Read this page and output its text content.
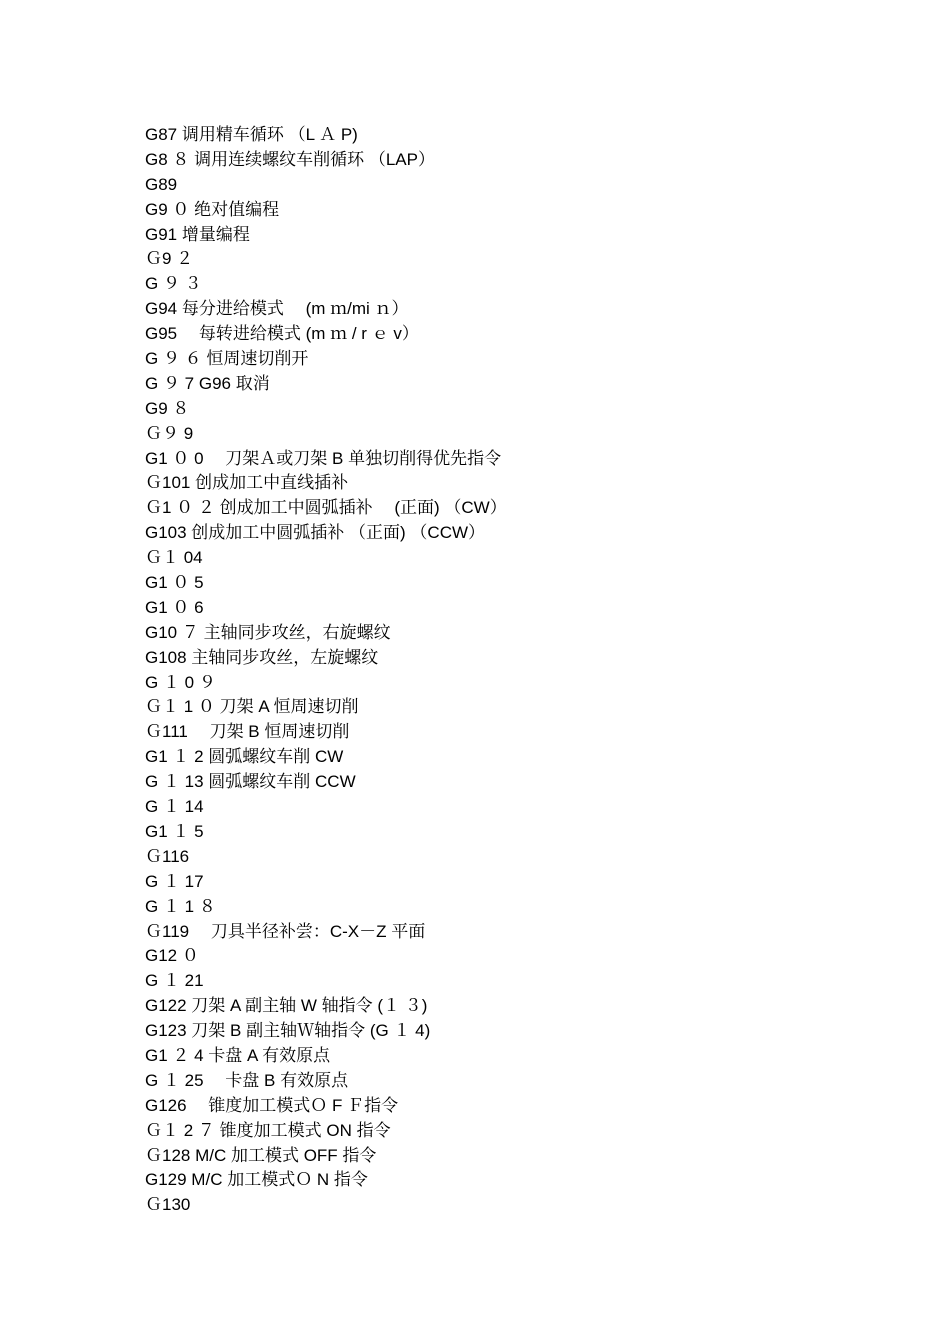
G87 调用精车循环 （L Ａ P)
G8 ８ 调用连续螺纹车削循环 （LAP）
G89
G9 ０ 绝对值编程
G91 增量编程
Ｇ9 ２
G ９ ３
G94 每分进给模式 　(m ｍ/mi ｎ）
G95 　每转进给模式 (m ｍ / r ｅ v）
G ９ ６ 恒周速切削开
G ９ 7 G96 取消
G9 ８
Ｇ９ 9
G1 ０ 0 　刀架Ａ或刀架 B 单独切削得优先指令
Ｇ101 创成加工中直线插补
Ｇ1 ０ ２ 创成加工中圆弧插补 　(正面) （CW）
G103 创成加工中圆弧插补 （正面) （CCW）
Ｇ１ 04
G1 ０ 5
G1 ０ 6
G10 ７ 主轴同步攻丝，右旋螺纹
G108 主轴同步攻丝，左旋螺纹
G １ 0 ９
Ｇ１ 1 ０ 刀架 A 恒周速切削
Ｇ111 　刀架 B 恒周速切削
G1 １ 2 圆弧螺纹车削 CW
G １ 13 圆弧螺纹车削 CCW
G １ 14
G1 １ 5
Ｇ116
G １ 17
G １ 1 ８
Ｇ119 　刀具半径补尝：C-X－Z 平面
G12 ０
G １ 21
G122 刀架 A 副主轴 W 轴指令 (１ ３)
G123 刀架 B 副主轴Ｗ轴指令 (G １ 4)
G1 ２ 4 卡盘 A 有效原点
G １ 25 　卡盘 B 有效原点
G126 　锥度加工模式Ｏ F Ｆ指令
Ｇ１ 2 ７ 锥度加工模式 ON 指令
Ｇ128 M/C 加工模式 OFF 指令
G129 M/C 加工模式Ｏ N 指令
Ｇ130
